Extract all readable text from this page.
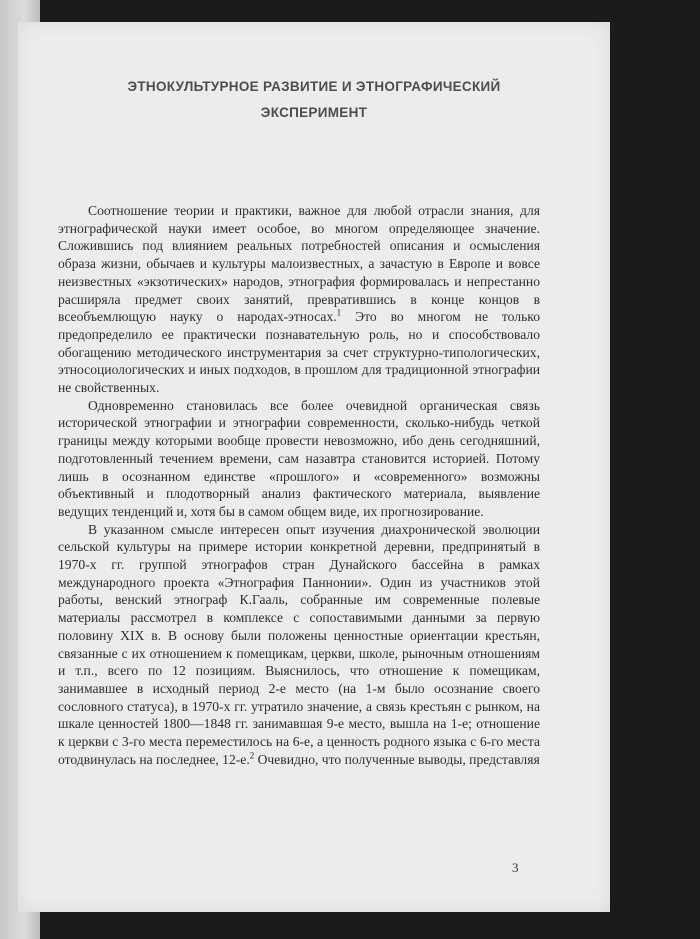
ЭТНОКУЛЬТУРНОЕ РАЗВИТИЕ И ЭТНОГРАФИЧЕСКИЙ
ЭКСПЕРИМЕНТ

Соотношение теории и практики, важное для любой отрасли знания, для этнографической науки имеет особое, во многом определяющее значение. Сложившись под влиянием реальных потребностей описания и осмысления образа жизни, обычаев и культуры малоизвестных, а зачастую в Европе и вовсе неизвестных «экзотических» народов, этнография формировалась и непрестанно расширяла предмет своих занятий, превратившись в конце концов в всеобъемлющую науку о народах-этносах.$^1$ Это во многом не только предопределило ее практически познавательную роль, но и способствовало обогащению методического инструментария за счет структурно-типологических, этносоциологических и иных подходов, в прошлом для традиционной этнографии не свойственных.

Одновременно становилась все более очевидной органическая связь исторической этнографии и этнографии современности, сколько-нибудь четкой границы между которыми вообще провести невозможно, ибо день сегодняшний, подготовленный течением времени, сам назавтра становится историей. Потому лишь в осознанном единстве «прошлого» и «современного» возможны объективный и плодотворный анализ фактического материала, выявление ведущих тенденций и, хотя бы в самом общем виде, их прогнозирование.

В указанном смысле интересен опыт изучения диахронической эволюции сельской культуры на примере истории конкретной деревни, предпринятый в 1970-х гг. группой этнографов стран Дунайского бассейна в рамках международного проекта «Этнография Паннонии». Один из участников этой работы, венский этнограф К.Гааль, собранные им современные полевые материалы рассмотрел в комплексе с сопоставимыми данными за первую половину XIX в. В основу были положены ценностные ориентации крестьян, связанные с их отношением к помещикам, церкви, школе, рыночным отношениям и т.п., всего по 12 позициям. Выяснилось, что отношение к помещикам, занимавшее в исходный период 2-е место (на 1-м было осознание своего сословного статуса), в 1970-х гг. утратило значение, а связь крестьян с рынком, на шкале ценностей 1800—1848 гг. занимавшая 9-е место, вышла на 1-е; отношение к церкви с 3-го места переместилось на 6-е, а ценность родного языка с 6-го места отодвинулась на последнее, 12-е.$^2$ Очевидно, что полученные выводы, представляя

3
